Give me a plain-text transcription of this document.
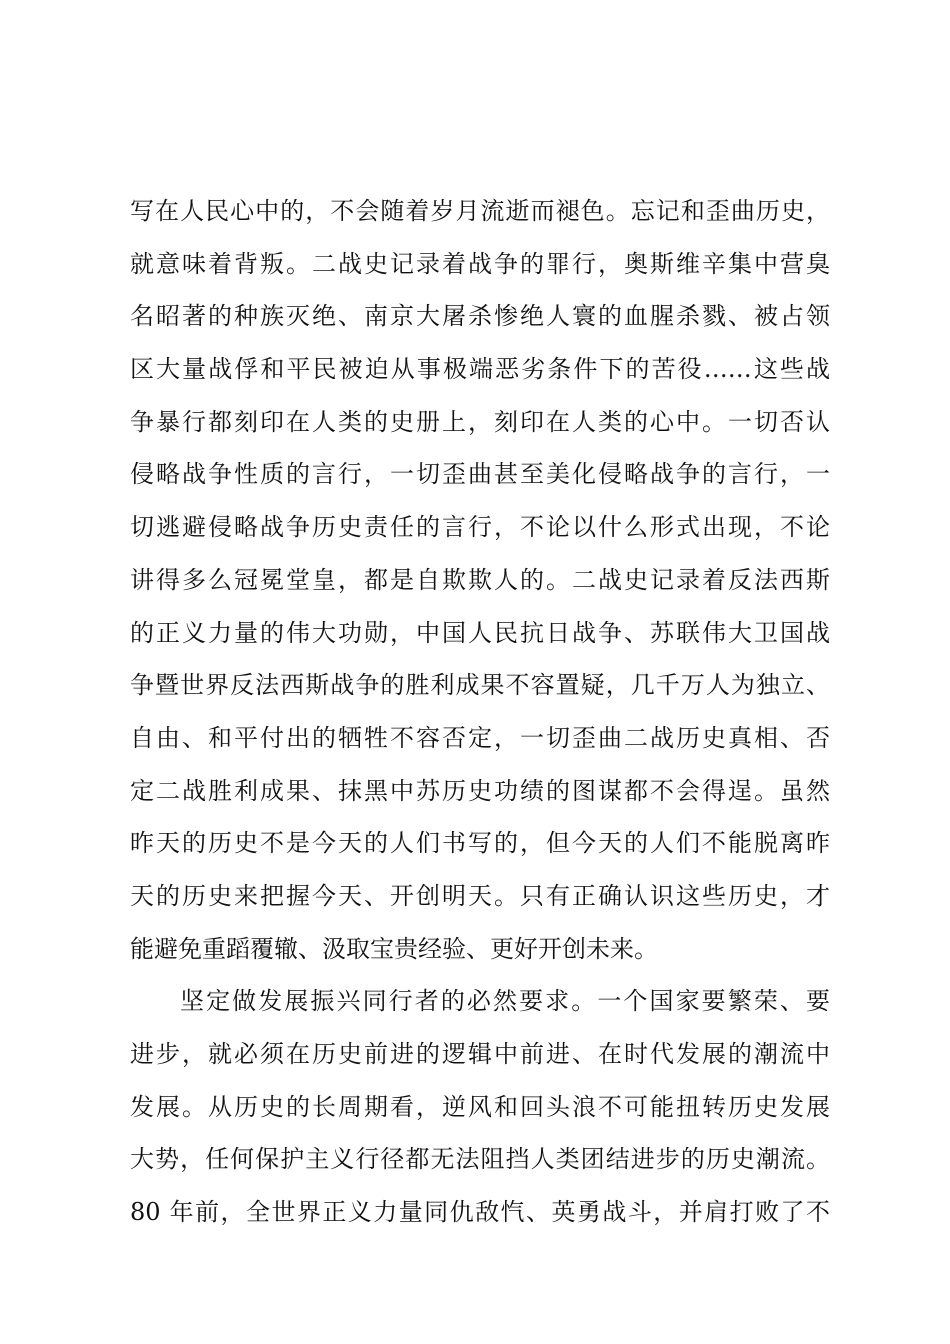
写在人民心中的，不会随着岁月流逝而褪色。忘记和歪曲历史，
就意味着背叛。二战史记录着战争的罪行，奥斯维辛集中营臭
名昭著的种族灭绝、南京大屠杀惨绝人寰的血腥杀戮、被占领
区大量战俘和平民被迫从事极端恶劣条件下的苦役……这些战
争暴行都刻印在人类的史册上，刻印在人类的心中。一切否认
侵略战争性质的言行，一切歪曲甚至美化侵略战争的言行，一
切逃避侵略战争历史责任的言行，不论以什么形式出现，不论
讲得多么冠冕堂皇，都是自欺欺人的。二战史记录着反法西斯
的正义力量的伟大功勋，中国人民抗日战争、苏联伟大卫国战
争暨世界反法西斯战争的胜利成果不容置疑，几千万人为独立、
自由、和平付出的牺牲不容否定，一切歪曲二战历史真相、否
定二战胜利成果、抹黑中苏历史功绩的图谋都不会得逞。虽然
昨天的历史不是今天的人们书写的，但今天的人们不能脱离昨
天的历史来把握今天、开创明天。只有正确认识这些历史，才
能避免重蹈覆辙、汲取宝贵经验、更好开创未来。
坚定做发展振兴同行者的必然要求。一个国家要繁荣、要
进步，就必须在历史前进的逻辑中前进、在时代发展的潮流中
发展。从历史的长周期看，逆风和回头浪不可能扭转历史发展
大势，任何保护主义行径都无法阻挡人类团结进步的历史潮流。
80 年前，全世界正义力量同仇敌忾、英勇战斗，并肩打败了不
